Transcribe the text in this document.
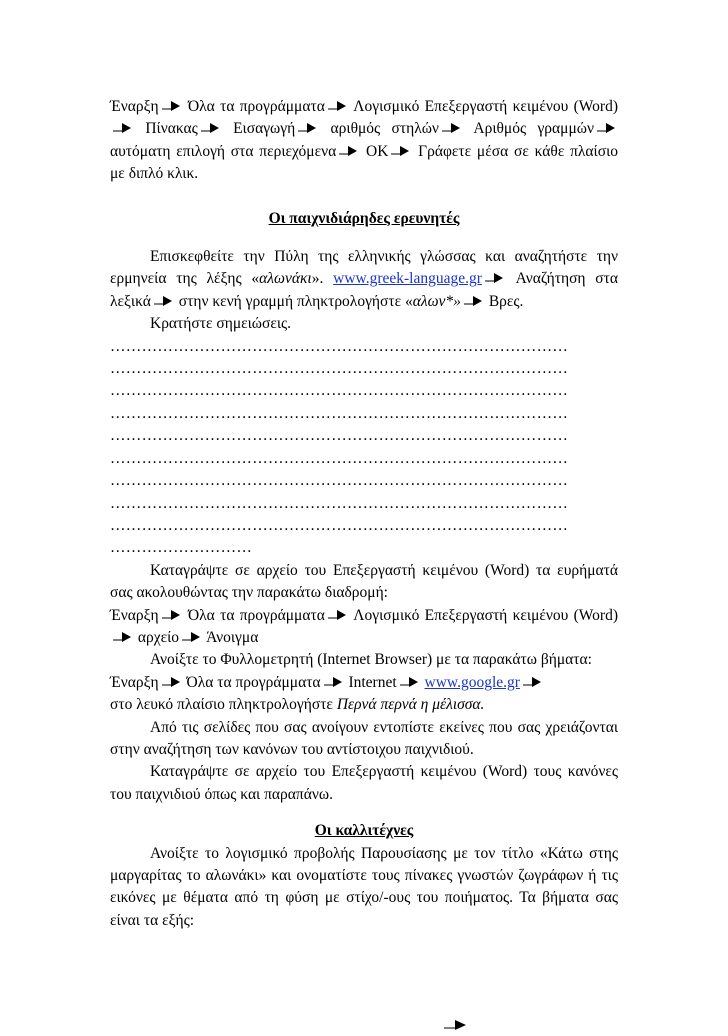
Έναρξη Όλα τα προγράμματα Λογισμικό Επεξεργαστή κειμένου (Word)
Πίνακας Εισαγωγή αριθμός στηλών Αριθμός γραμμών
αυτόματη επιλογή στα περιεχόμενα OK Γράφετε μέσα σε κάθε πλαίσιο με διπλό κλικ.

Οι παιχνιδιάρηδες ερευνητές

Επισκεφθείτε την Πύλη της ελληνικής γλώσσας και αναζητήστε την ερμηνεία της λέξης «αλωνάκι». www.greek-language.gr Αναζήτηση στα λεξικά στην κενή γραμμή πληκτρολογήστε «αλων*» Βρες.

Κρατήστε σημειώσεις.

……………………………………………………………………………
……………………………………………………………………………
……………………………………………………………………………
……………………………………………………………………………
……………………………………………………………………………
……………………………………………………………………………
……………………………………………………………………………
……………………………………………………………………………
……………………………………………………………………………
………………………

Καταγράψτε σε αρχείο του Επεξεργαστή κειμένου (Word) τα ευρήματά σας ακολουθώντας την παρακάτω διαδρομή:

Έναρξη Όλα τα προγράμματα Λογισμικό Επεξεργαστή κειμένου (Word)
αρχείο Άνοιγμα

Ανοίξτε το Φυλλομετρητή (Internet Browser) με τα παρακάτω βήματα:

Έναρξη Όλα τα προγράμματα Internet www.google.gr

στο λευκό πλαίσιο πληκτρολογήστε Περνά περνά η μέλισσα.

Από τις σελίδες που σας ανοίγουν εντοπίστε εκείνες που σας χρειάζονται στην αναζήτηση των κανόνων του αντίστοιχου παιχνιδιού.

Καταγράψτε σε αρχείο του Επεξεργαστή κειμένου (Word) τους κανόνες του παιχνιδιού όπως και παραπάνω.

Οι καλλιτέχνες

Ανοίξτε το λογισμικό προβολής Παρουσίασης με τον τίτλο «Κάτω στης μαργαρίτας το αλωνάκι» και ονοματίστε τους πίνακες γνωστών ζωγράφων ή τις εικόνες με θέματα από τη φύση με στίχο/-ους του ποιήματος. Τα βήματα σας είναι τα εξής:
